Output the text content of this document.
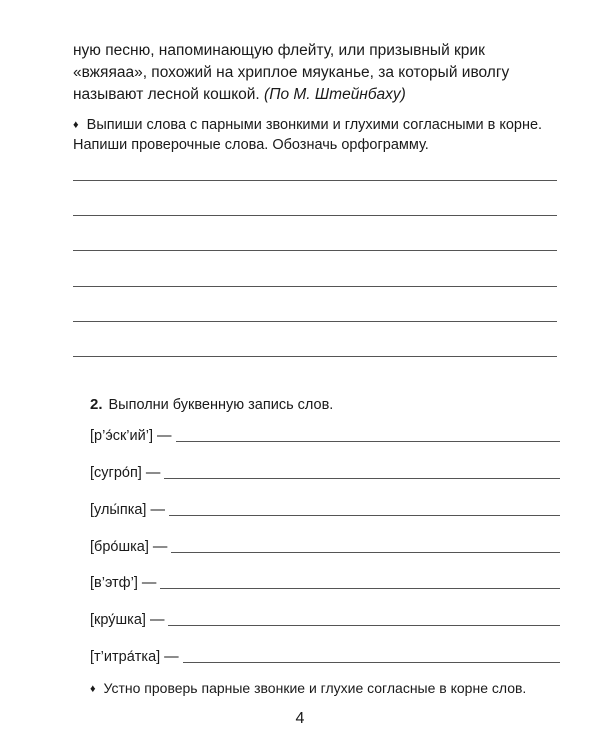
ную песню, напоминающую флейту, или призывный крик «вжяяаа», похожий на хриплое мяуканье, за который иволгу называют лесной кошкой. (По М. Штейнбаху)
♦ Выпиши слова с парными звонкими и глухими согласными в корне. Напиши проверочные слова. Обозначь орфограмму.
2. Выполни буквенную запись слов.
[р’э́ск’ий’] —
[сугро́п] —
[улы́пка] —
[бро́шка] —
[в’этф’] —
[кру́шка] —
[т’итра́тка] —
♦ Устно проверь парные звонкие и глухие согласные в корне слов.
4
